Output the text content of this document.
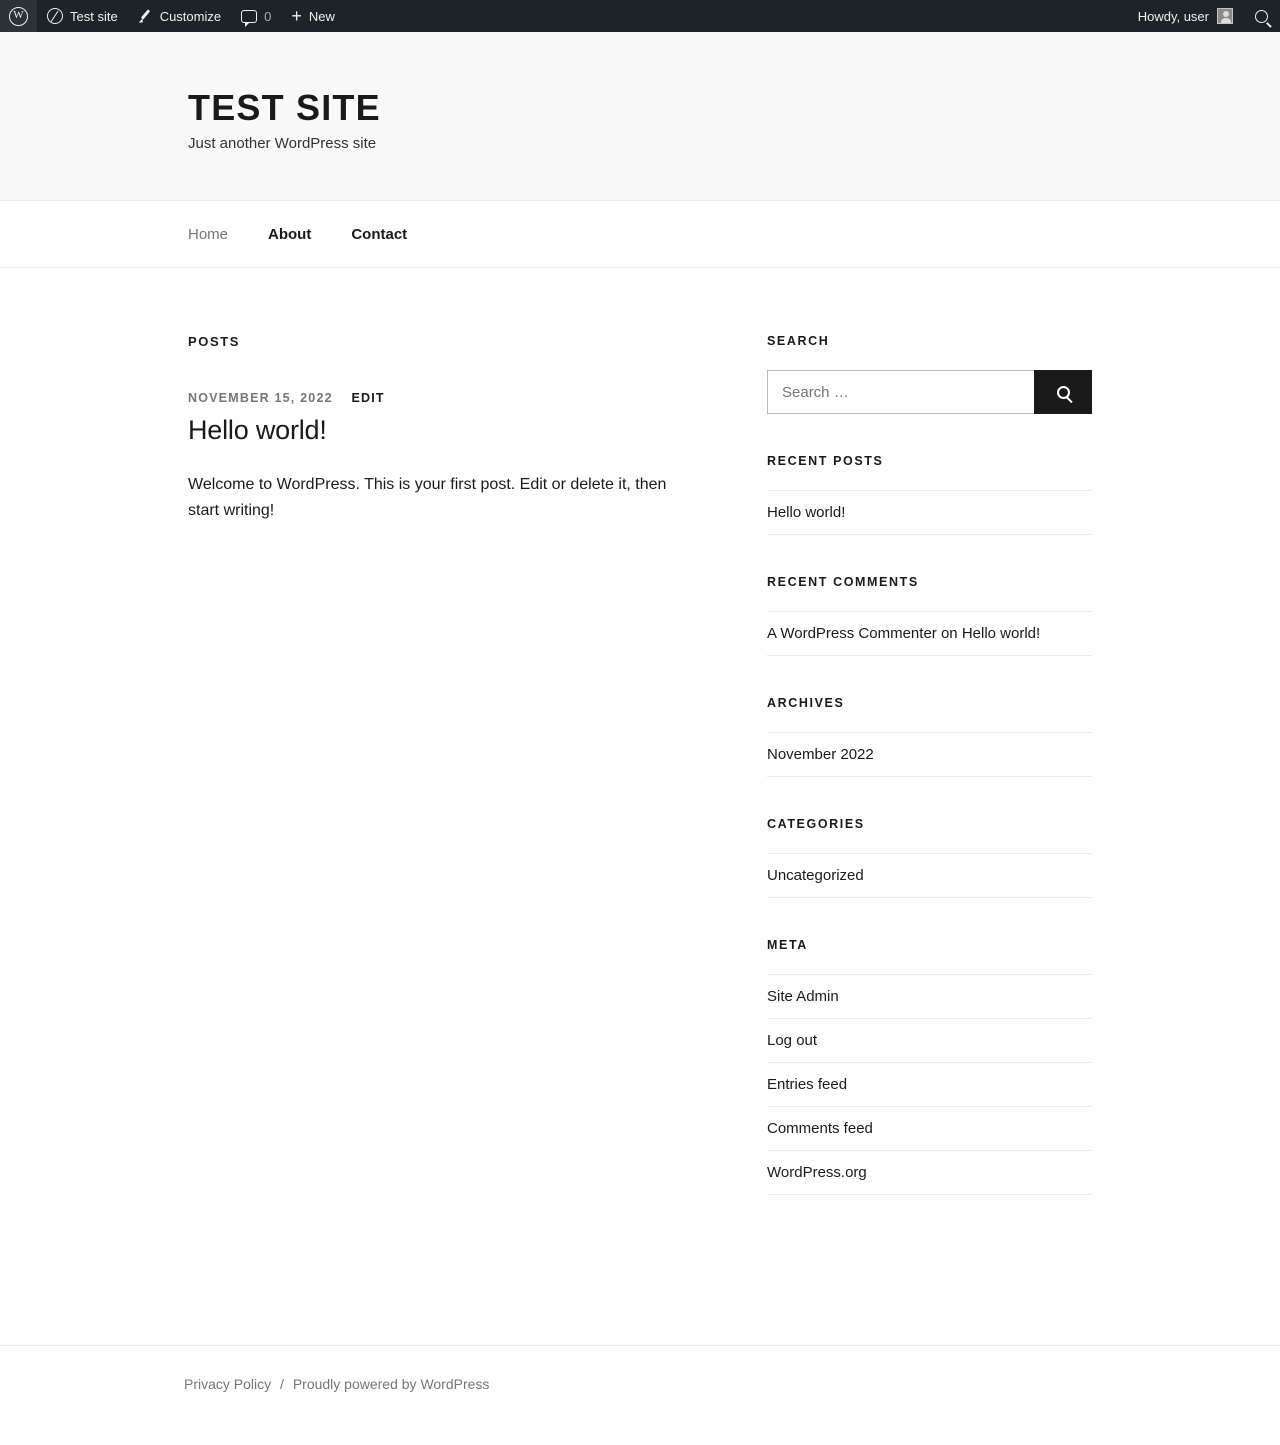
W
Test site	Customize	0 + New	Howdy, user
TEST SITE

Just another WordPress site

Home	About	Contact
POSTS
NOVEMBER 15, 2022 EDIT
Hello world!

Welcome to WordPress. This is your first post. Edit or delete it, then start writing!

SEARCH
Search …
RECENT POSTS
Hello world!
RECENT COMMENTS
A WordPress Commenter on Hello world!
ARCHIVES
November 2022
CATEGORIES
Uncategorized
META
Site Admin
Log out
Entries feed
Comments feed
WordPress.org
Privacy Policy / Proudly powered by WordPress
